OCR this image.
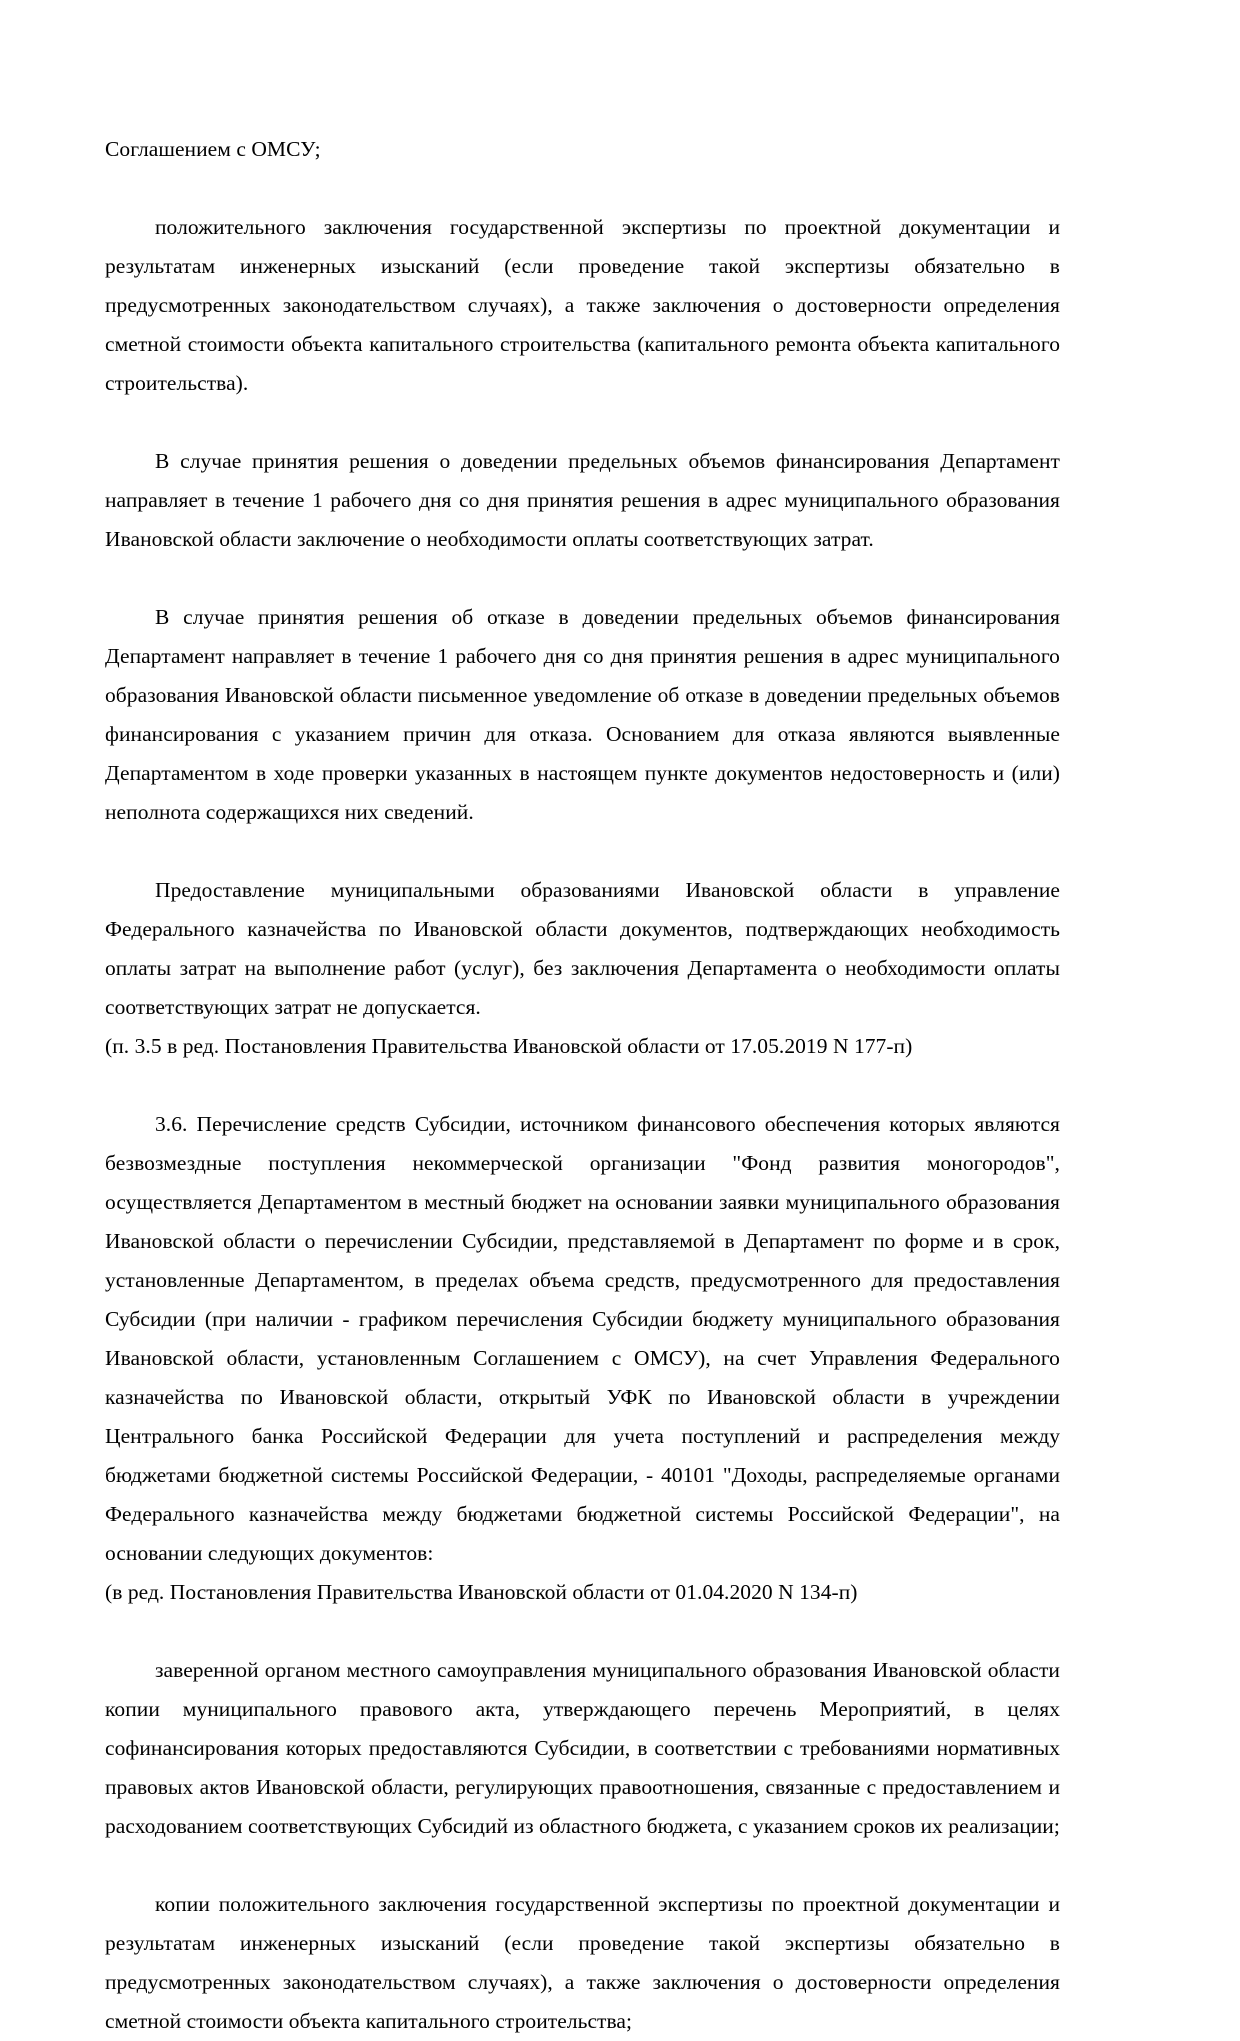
Соглашением с ОМСУ;

положительного заключения государственной экспертизы по проектной документации и результатам инженерных изысканий (если проведение такой экспертизы обязательно в предусмотренных законодательством случаях), а также заключения о достоверности определения сметной стоимости объекта капитального строительства (капитального ремонта объекта капитального строительства).

В случае принятия решения о доведении предельных объемов финансирования Департамент направляет в течение 1 рабочего дня со дня принятия решения в адрес муниципального образования Ивановской области заключение о необходимости оплаты соответствующих затрат.

В случае принятия решения об отказе в доведении предельных объемов финансирования Департамент направляет в течение 1 рабочего дня со дня принятия решения в адрес муниципального образования Ивановской области письменное уведомление об отказе в доведении предельных объемов финансирования с указанием причин для отказа. Основанием для отказа являются выявленные Департаментом в ходе проверки указанных в настоящем пункте документов недостоверность и (или) неполнота содержащихся них сведений.

Предоставление муниципальными образованиями Ивановской области в управление Федерального казначейства по Ивановской области документов, подтверждающих необходимость оплаты затрат на выполнение работ (услуг), без заключения Департамента о необходимости оплаты соответствующих затрат не допускается.

(п. 3.5 в ред. Постановления Правительства Ивановской области от 17.05.2019 N 177-п)

3.6. Перечисление средств Субсидии, источником финансового обеспечения которых являются безвозмездные поступления некоммерческой организации "Фонд развития моногородов", осуществляется Департаментом в местный бюджет на основании заявки муниципального образования Ивановской области о перечислении Субсидии, представляемой в Департамент по форме и в срок, установленные Департаментом, в пределах объема средств, предусмотренного для предоставления Субсидии (при наличии - графиком перечисления Субсидии бюджету муниципального образования Ивановской области, установленным Соглашением с ОМСУ), на счет Управления Федерального казначейства по Ивановской области, открытый УФК по Ивановской области в учреждении Центрального банка Российской Федерации для учета поступлений и распределения между бюджетами бюджетной системы Российской Федерации, - 40101 "Доходы, распределяемые органами Федерального казначейства между бюджетами бюджетной системы Российской Федерации", на основании следующих документов:

(в ред. Постановления Правительства Ивановской области от 01.04.2020 N 134-п)

заверенной органом местного самоуправления муниципального образования Ивановской области копии муниципального правового акта, утверждающего перечень Мероприятий, в целях софинансирования которых предоставляются Субсидии, в соответствии с требованиями нормативных правовых актов Ивановской области, регулирующих правоотношения, связанные с предоставлением и расходованием соответствующих Субсидий из областного бюджета, с указанием сроков их реализации;

копии положительного заключения государственной экспертизы по проектной документации и результатам инженерных изысканий (если проведение такой экспертизы обязательно в предусмотренных законодательством случаях), а также заключения о достоверности определения сметной стоимости объекта капитального строительства;
